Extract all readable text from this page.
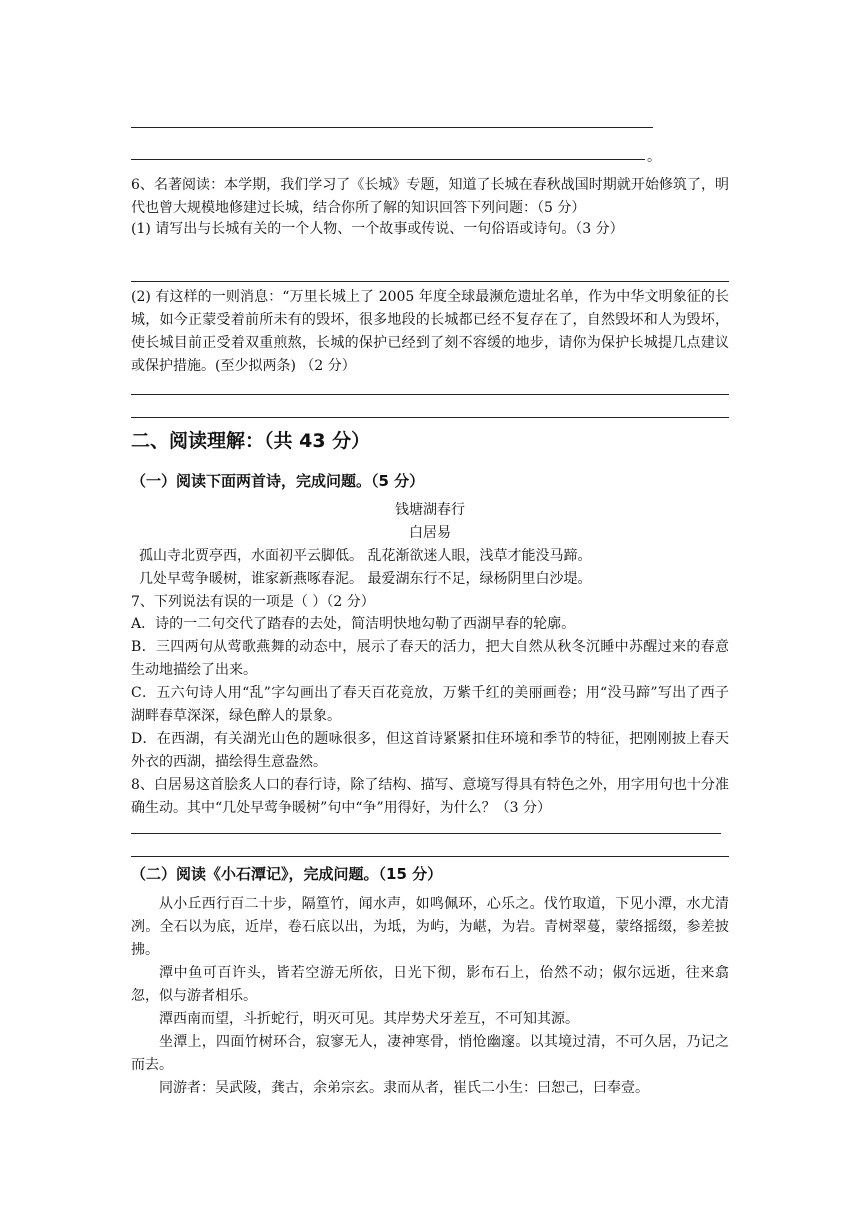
。
6、名著阅读：本学期，我们学习了《长城》专题，知道了长城在春秋战国时期就开始修筑了，明代也曾大规模地修建过长城，结合你所了解的知识回答下列问题：（5 分）
(1) 请写出与长城有关的一个人物、一个故事或传说、一句俗语或诗句。（3 分）
(2) 有这样的一则消息：“万里长城上了 2005 年度全球最濒危遗址名单，作为中华文明象征的长城，如今正蒙受着前所未有的毁坏，很多地段的长城都已经不复存在了，自然毁坏和人为毁坏，使长城目前正受着双重煎熬，长城的保护已经到了刻不容缓的地步，请你为保护长城提几点建议或保护措施。(至少拟两条) （2 分）
二、阅读理解：（共 43 分）
（一）阅读下面两首诗，完成问题。（5 分）
钱塘湖春行
白居易
孤山寺北贾亭西，水面初平云脚低。 乱花渐欲迷人眼，浅草才能没马蹄。
几处早莺争暖树，谁家新燕啄春泥。 最爱湖东行不足，绿杨阴里白沙堤。
7、下列说法有误的一项是（ ）（2 分）
A．诗的一二句交代了踏春的去处，简洁明快地勾勒了西湖早春的轮廓。
B．三四两句从莺歌燕舞的动态中，展示了春天的活力，把大自然从秋冬沉睡中苏醒过来的春意生动地描绘了出来。
C．五六句诗人用“乱”字勾画出了春天百花竞放，万紫千红的美丽画卷；用“没马蹄”写出了西子湖畔春草深深，绿色醉人的景象。
D．在西湖，有关湖光山色的题咏很多，但这首诗紧紧扣住环境和季节的特征，把刚刚披上春天外衣的西湖，描绘得生意盎然。
8、白居易这首脍炙人口的春行诗，除了结构、描写、意境写得具有特色之外，用字用句也十分准确生动。其中“几处早莺争暖树”句中“争”用得好，为什么？（3 分）
（二）阅读《小石潭记》，完成问题。（15 分）
从小丘西行百二十步，隔篁竹，闻水声，如鸣佩环，心乐之。伐竹取道，下见小潭，水尤清冽。全石以为底，近岸，卷石底以出，为坻，为屿，为嵁，为岩。青树翠蔓，蒙络摇缀，参差披拂。
潭中鱼可百许头，皆若空游无所依，日光下彻，影布石上，佁然不动；俶尔远逝，往来翕忽，似与游者相乐。
潭西南而望，斗折蛇行，明灭可见。其岸势犬牙差互，不可知其源。
坐潭上，四面竹树环合，寂寥无人，凄神寒骨，悄怆幽邃。以其境过清，不可久居，乃记之而去。
同游者：吴武陵，龚古，余弟宗玄。隶而从者，崔氏二小生：曰恕己，曰奉壹。
